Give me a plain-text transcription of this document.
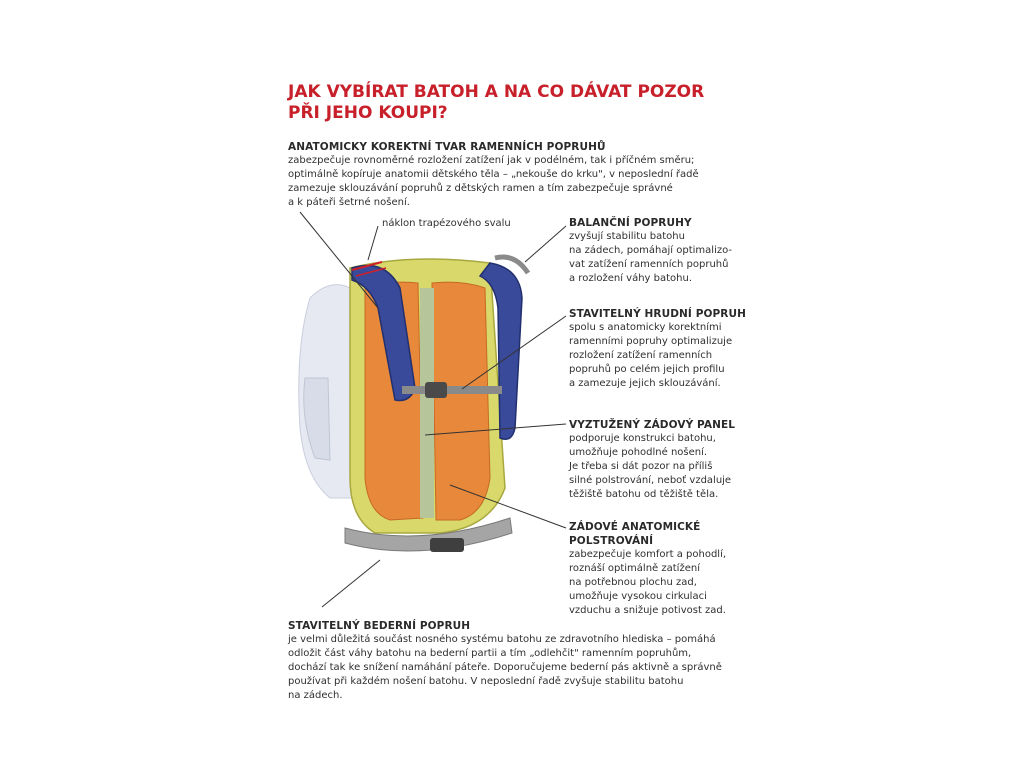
JAK VYBÍRAT BATOH A NA CO DÁVAT POZOR
PŘI JEHO KOUPI?
ANATOMICKY KOREKTNÍ TVAR RAMENNÍCH POPRUHŮ
zabezpečuje rovnoměrné rozložení zatížení jak v podélném, tak i příčném směru;
optimálně kopíruje anatomii dětského těla – „nekouše do krku", v neposlední řadě
zamezuje sklouzávání popruhů z dětských ramen a tím zabezpečuje správné
a k páteři šetrné nošení.
náklon trapézového svalu	BALANČNÍ POPRUHY
zvyšují stabilitu batohu
na zádech, pomáhají optimalizo-
vat zatížení ramenních popruhů
a rozložení váhy batohu.
STAVITELNÝ HRUDNÍ POPRUH
spolu s anatomicky korektními
ramenními popruhy optimalizuje
rozložení zatížení ramenních
popruhů po celém jejich profilu
a zamezuje jejich sklouzávání.
VYZTUŽENÝ ZÁDOVÝ PANEL
podporuje konstrukci batohu,
umožňuje pohodlné nošení.
Je třeba si dát pozor na příliš
silné polstrování, neboť vzdaluje
těžiště batohu od těžiště těla.
ZÁDOVÉ ANATOMICKÉ
POLSTROVÁNÍ
zabezpečuje komfort a pohodlí,
roznáší optimálně zatížení
na potřebnou plochu zad,
umožňuje vysokou cirkulaci
vzduchu a snižuje potivost zad.
STAVITELNÝ BEDERNÍ POPRUH
je velmi důležitá součást nosného systému batohu ze zdravotního hlediska – pomáhá
odložit část váhy batohu na bederní partii a tím „odlehčit" ramenním popruhům,
dochází tak ke snížení namáhání páteře. Doporučujeme bederní pás aktivně a správně
používat při každém nošení batohu. V neposlední řadě zvyšuje stabilitu batohu
na zádech.
